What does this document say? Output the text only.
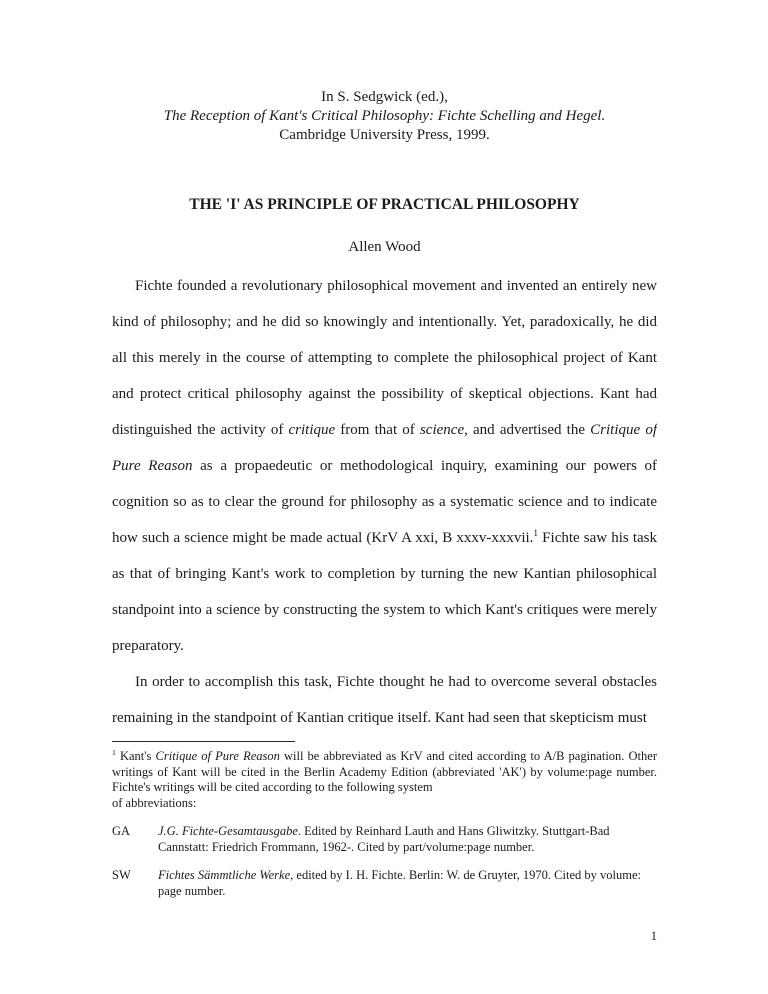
In S. Sedgwick (ed.),
The Reception of Kant's Critical Philosophy: Fichte Schelling and Hegel.
Cambridge University Press, 1999.
THE 'I' AS PRINCIPLE OF PRACTICAL PHILOSOPHY
Allen Wood

Fichte founded a revolutionary philosophical movement and invented an entirely new kind of philosophy; and he did so knowingly and intentionally. Yet, paradoxically, he did all this merely in the course of attempting to complete the philosophical project of Kant and protect critical philosophy against the possibility of skeptical objections. Kant had distinguished the activity of critique from that of science, and advertised the Critique of Pure Reason as a propaedeutic or methodological inquiry, examining our powers of cognition so as to clear the ground for philosophy as a systematic science and to indicate how such a science might be made actual (KrV A xxi, B xxxv-xxxvii.$^1$ Fichte saw his task as that of bringing Kant's work to completion by turning the new Kantian philosophical standpoint into a science by constructing the system to which Kant's critiques were merely preparatory.

In order to accomplish this task, Fichte thought he had to overcome several obstacles remaining in the standpoint of Kantian critique itself. Kant had seen that skepticism must

$^1$ Kant's Critique of Pure Reason will be abbreviated as KrV and cited according to A/B pagination. Other writings of Kant will be cited in the Berlin Academy Edition (abbreviated 'AK') by volume:page number. Fichte's writings will be cited according to the following system
of abbreviations:
GA	J.G. Fichte-Gesamtausgabe. Edited by Reinhard Lauth and Hans Gliwitzky. Stuttgart-Bad Cannstatt: Friedrich Frommann, 1962-. Cited by part/volume:page number.
SW	Fichtes Sämmtliche Werke, edited by I. H. Fichte. Berlin: W. de Gruyter, 1970. Cited by volume: page number.
1
